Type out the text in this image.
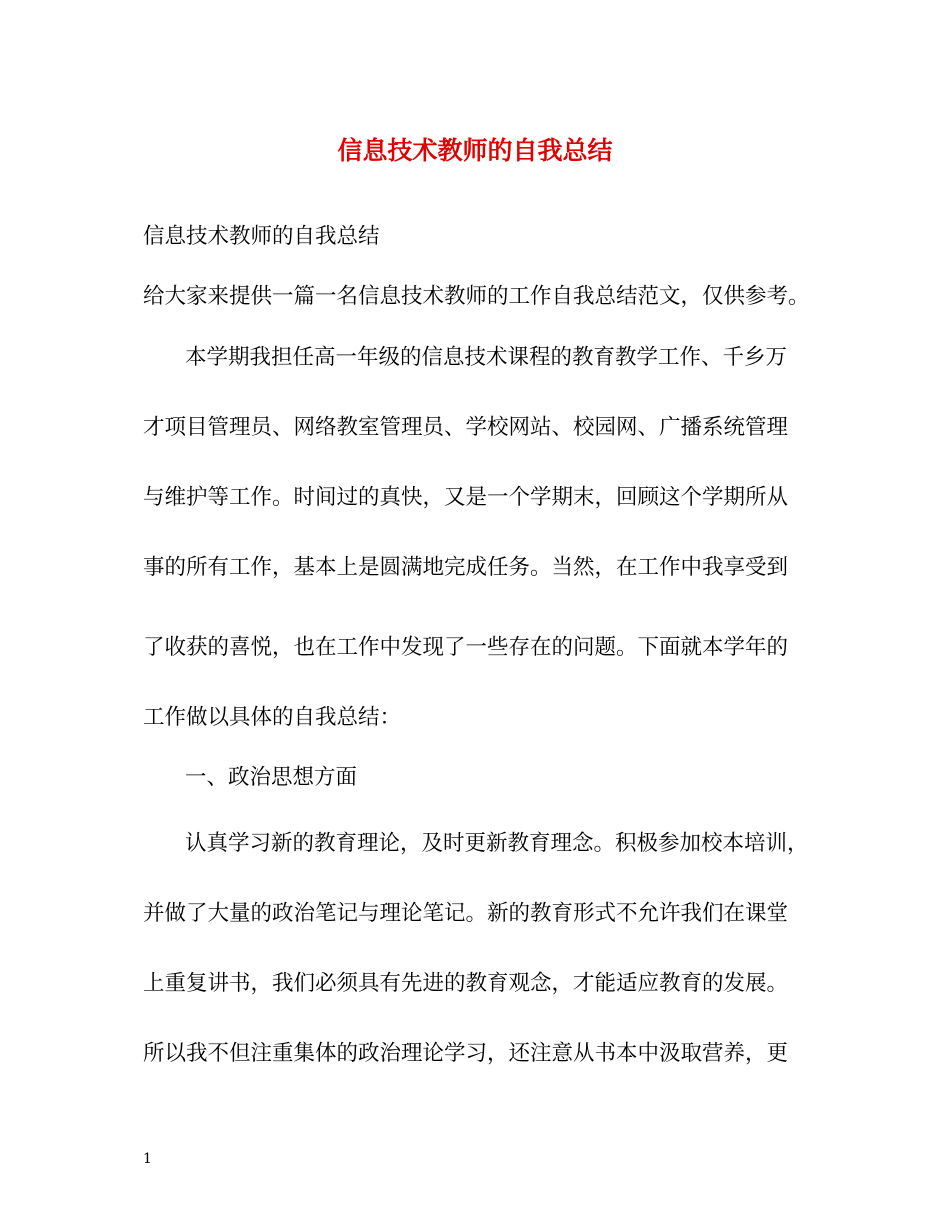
信息技术教师的自我总结
信息技术教师的自我总结
给大家来提供一篇一名信息技术教师的工作自我总结范文，仅供参考。
本学期我担任高一年级的信息技术课程的教育教学工作、千乡万
才项目管理员、网络教室管理员、学校网站、校园网、广播系统管理
与维护等工作。时间过的真快，又是一个学期末，回顾这个学期所从
事的所有工作，基本上是圆满地完成任务。当然，在工作中我享受到
了收获的喜悦，也在工作中发现了一些存在的问题。下面就本学年的
工作做以具体的自我总结：
一、政治思想方面
认真学习新的教育理论，及时更新教育理念。积极参加校本培训，
并做了大量的政治笔记与理论笔记。新的教育形式不允许我们在课堂
上重复讲书，我们必须具有先进的教育观念，才能适应教育的发展。
所以我不但注重集体的政治理论学习，还注意从书本中汲取营养，更
1
